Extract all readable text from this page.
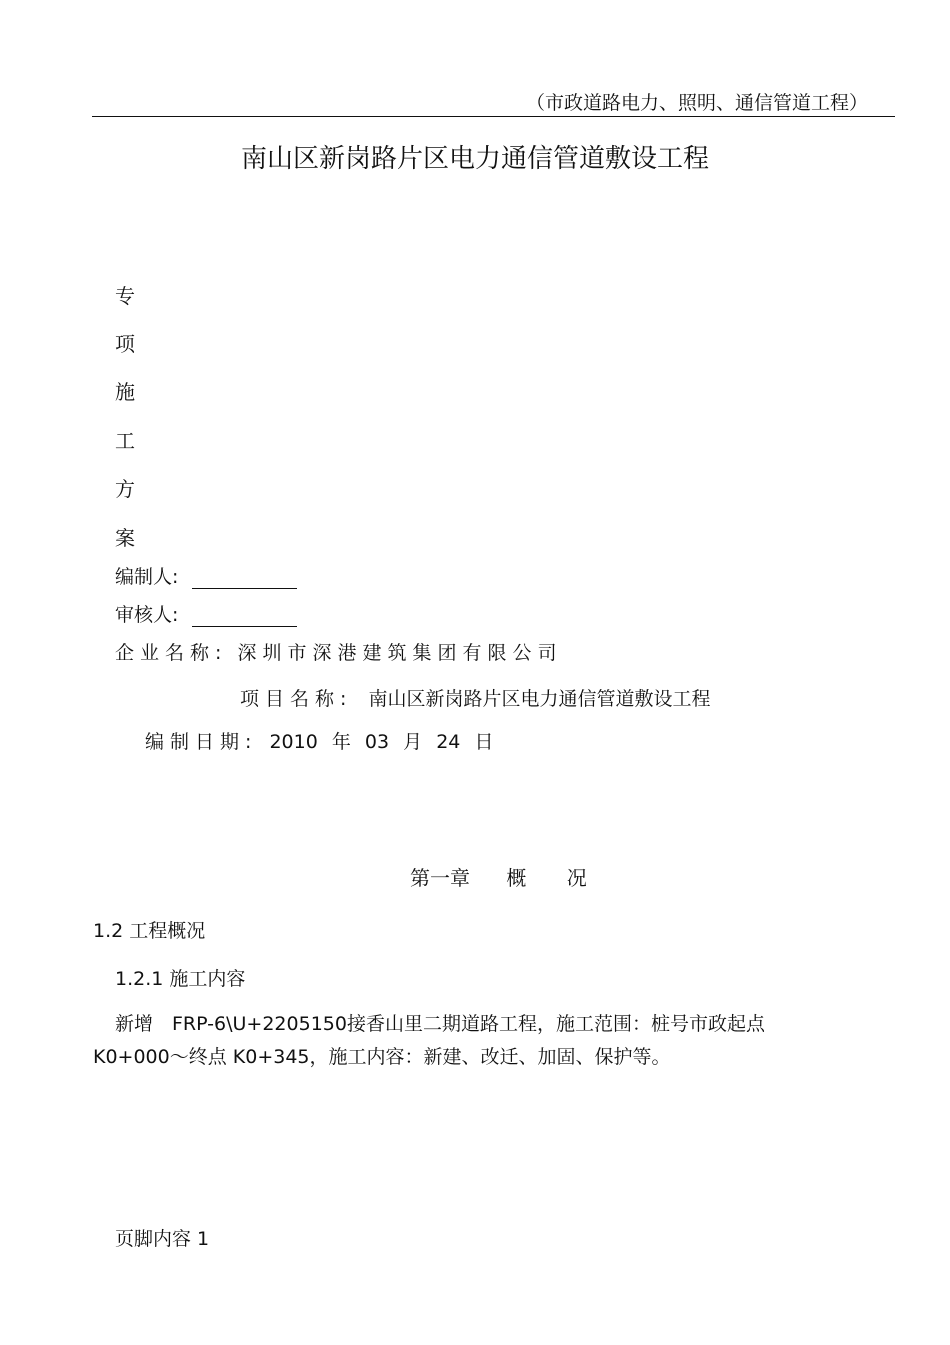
（市政道路电力、照明、通信管道工程）
南山区新岗路片区电力通信管道敷设工程
专
项
施
工
方
案
编制人:
审核人:
企业名称: 深圳市深港建筑集团有限公司
项目名称: 南山区新岗路片区电力通信管道敷设工程
编制日期: 2010 年 03 月 24 日
第一章 概 况
1.2 工程概况
1.2.1 施工内容
新增　FRP-6\U+2205150接香山里二期道路工程，施工范围：桩号市政起点
K0+000～终点 K0+345，施工内容：新建、改迁、加固、保护等。
页脚内容 1
